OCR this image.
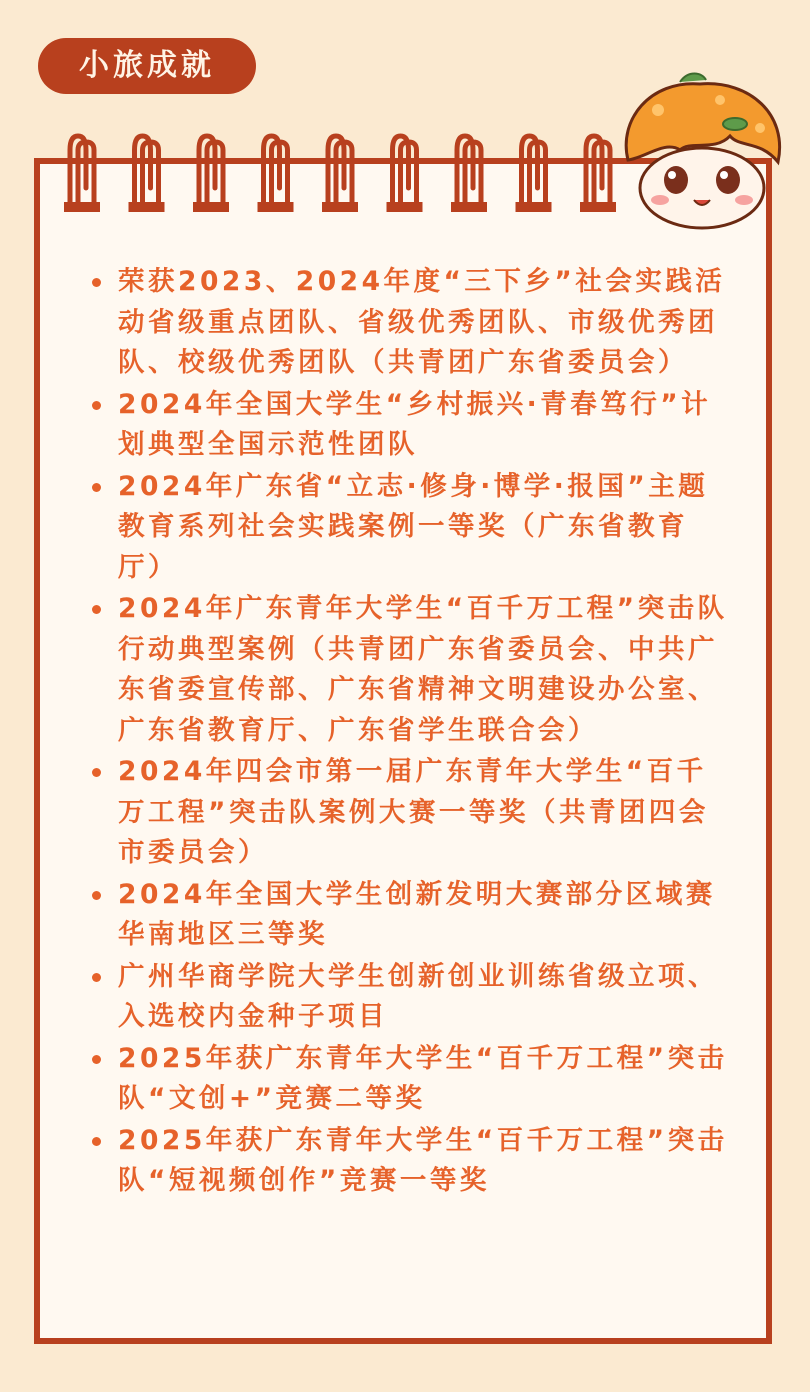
小旅成就
荣获2023、2024年度“三下乡”社会实践活动省级重点团队、省级优秀团队、市级优秀团队、校级优秀团队（共青团广东省委员会）
2024年全国大学生“乡村振兴·青春笃行”计划典型全国示范性团队
2024年广东省“立志·修身·博学·报国”主题教育系列社会实践案例一等奖（广东省教育厅）
2024年广东青年大学生“百千万工程”突击队行动典型案例（共青团广东省委员会、中共广东省委宣传部、广东省精神文明建设办公室、广东省教育厅、广东省学生联合会）
2024年四会市第一届广东青年大学生“百千万工程”突击队案例大赛一等奖（共青团四会市委员会）
2024年全国大学生创新发明大赛部分区域赛华南地区三等奖
广州华商学院大学生创新创业训练省级立项、入选校内金种子项目
2025年获广东青年大学生“百千万工程”突击队“文创+”竞赛二等奖
2025年获广东青年大学生“百千万工程”突击队“短视频创作”竞赛一等奖
